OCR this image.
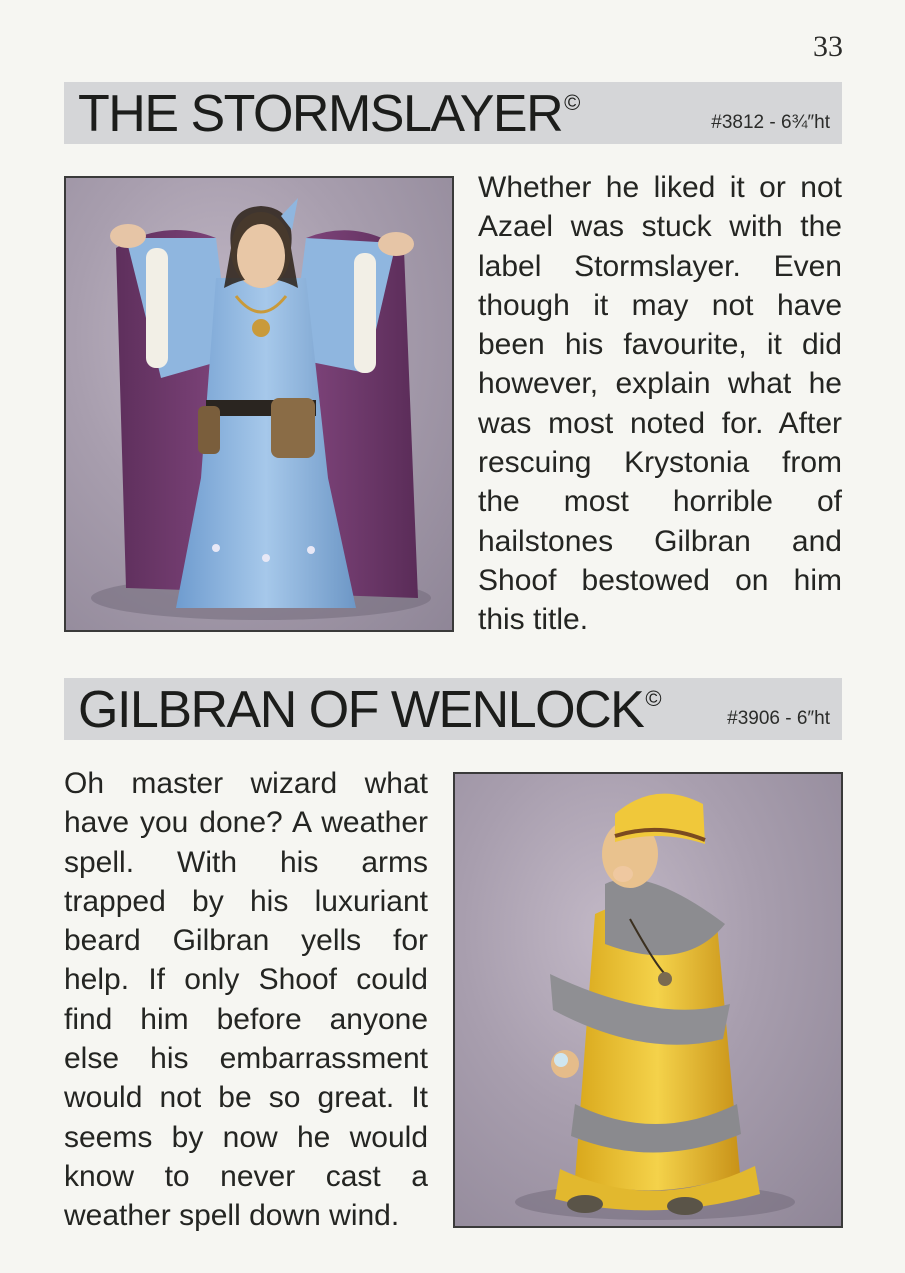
33
THE STORMSLAYER©
#3812 - 6¾″ht
Whether he liked it or not Azael was stuck with the label Stormslayer. Even though it may not have been his favourite, it did however, explain what he was most noted for. After rescuing Krystonia from the most horrible of hailstones Gilbran and Shoof bestowed on him this title.
GILBRAN OF WENLOCK©
#3906 - 6″ht
Oh master wizard what have you done? A weather spell. With his arms trapped by his luxuriant beard Gilbran yells for help. If only Shoof could find him before anyone else his embarrassment would not be so great. It seems by now he would know to never cast a weather spell down wind.
